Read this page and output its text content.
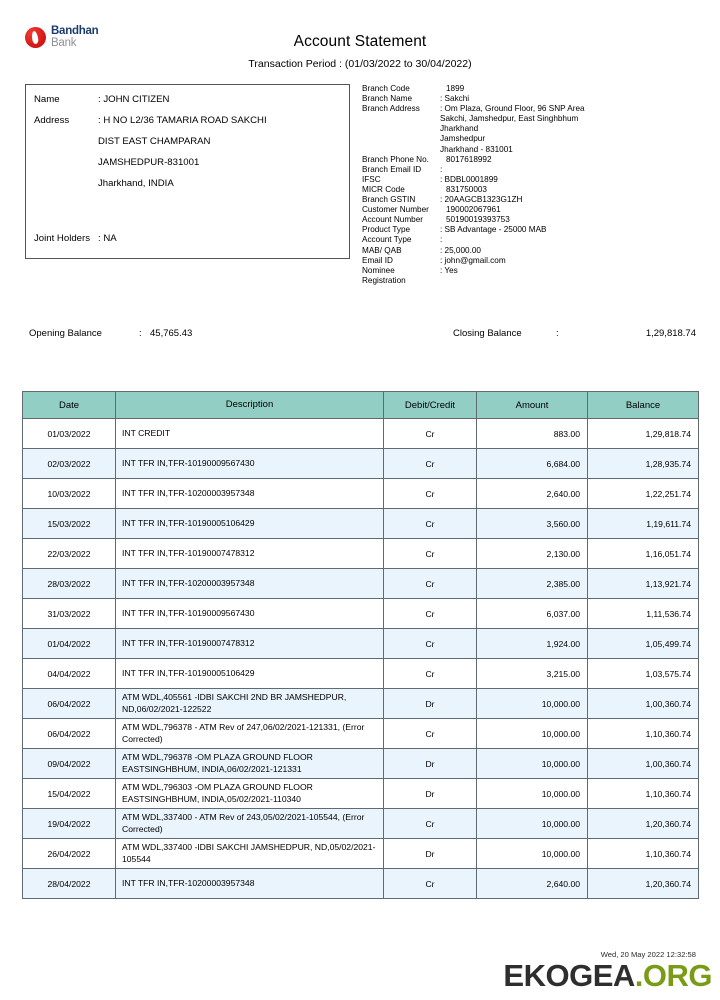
Bandhan
Bank	Account Statement
Transaction Period : (01/03/2022 to 30/04/2022)
Name	: JOHN CITIZEN
Address	: H NO L2/36 TAMARIA ROAD SAKCHI
DIST EAST CHAMPARAN
JAMSHEDPUR-831001
Jharkhand, INDIA
Joint Holders : NA
Branch Code	1899
Branch Name	: Sakchi
Branch Address	: Om Plaza, Ground Floor, 96 SNP Area
Sakchi, Jamshedpur, East Singhbhum
Jharkhand
Jamshedpur
Jharkhand - 831001
Branch Phone No.	8017618992
Branch Email ID	:
IFSC	: BDBL0001899
MICR Code	831750003
Branch GSTIN	: 20AAGCB1323G1ZH
Customer Number	190002067961
Account Number	50190019393753
Product Type	: SB Advantage - 25000 MAB
Account Type	:
MAB/ QAB	: 25,000.00
Email ID	: john@gmail.com
Nominee Registration
: Yes
Opening Balance	: 45,765.43	Closing Balance	:	1,29,818.74
Date	Description	Debit/Credit	Amount	Balance
01/03/2022	INT CREDIT	Cr	883.00	1,29,818.74
02/03/2022	INT TFR IN,TFR-10190009567430	Cr	6,684.00	1,28,935.74
10/03/2022	INT TFR IN,TFR-10200003957348	Cr	2,640.00	1,22,251.74
15/03/2022	INT TFR IN,TFR-10190005106429	Cr	3,560.00	1,19,611.74
22/03/2022	INT TFR IN,TFR-10190007478312	Cr	2,130.00	1,16,051.74
28/03/2022	INT TFR IN,TFR-10200003957348	Cr	2,385.00	1,13,921.74
31/03/2022	INT TFR IN,TFR-10190009567430	Cr	6,037.00	1,11,536.74
01/04/2022	INT TFR IN,TFR-10190007478312	Cr	1,924.00	1,05,499.74
04/04/2022	INT TFR IN,TFR-10190005106429	Cr	3,215.00	1,03,575.74
06/04/2022	ATM WDL,405561 -IDBI SAKCHI 2ND BR JAMSHEDPUR, ND,06/02/2021-122522	Dr	10,000.00	1,00,360.74
06/04/2022	ATM WDL,796378 - ATM Rev of 247,06/02/2021-121331, (Error Corrected)	Cr	10,000.00	1,10,360.74
09/04/2022	ATM WDL,796378 -OM PLAZA GROUND FLOOR EASTSINGHBHUM, INDIA,06/02/2021-121331	Dr	10,000.00	1,00,360.74
15/04/2022	ATM WDL,796303 -OM PLAZA GROUND FLOOR EASTSINGHBHUM, INDIA,05/02/2021-110340	Dr	10,000.00	1,10,360.74
19/04/2022	ATM WDL,337400 - ATM Rev of 243,05/02/2021-105544, (Error Corrected)	Cr	10,000.00	1,20,360.74
26/04/2022	ATM WDL,337400 -IDBI SAKCHI JAMSHEDPUR, ND,05/02/2021-105544	Dr	10,000.00	1,10,360.74
28/04/2022	INT TFR IN,TFR-10200003957348	Cr	2,640.00	1,20,360.74
Wed, 20 May 2022 12:32:58
EKOGEA.ORG
